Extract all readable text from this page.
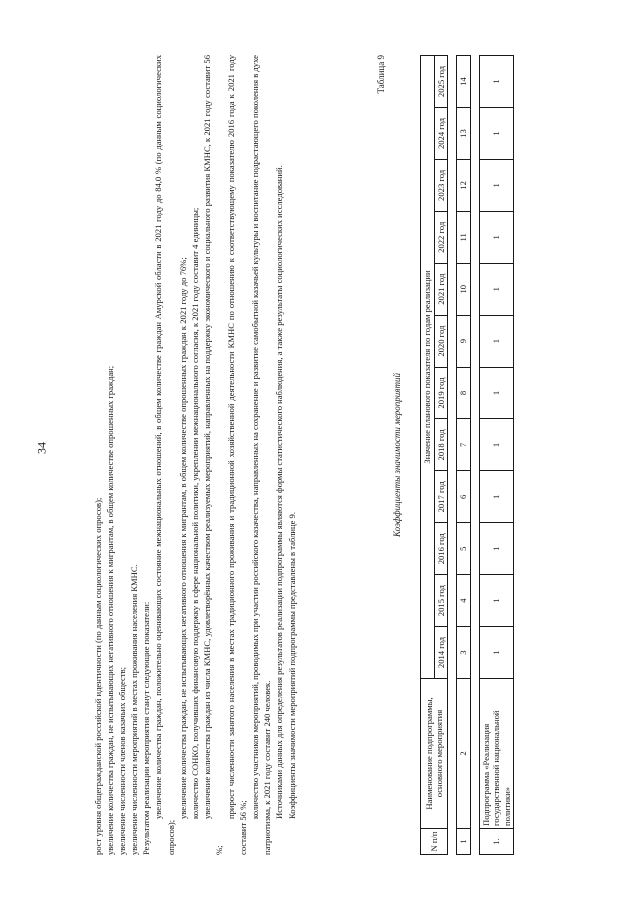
34

рост уровня общегражданской российской идентичности (по данным социологических опросов); увеличение количества граждан, не испытывающих негативного отношения к мигрантам, в общем количестве опрошенных граждан; увеличение численности членов казачьих обществ; увеличение численности мероприятий в местах проживания населения КМНС. Результатом реализации мероприятия станут следующие показатели: увеличение количества граждан, положительно оценивающих состояние межнациональных отношений, в общем количестве граждан Амурской области в 2021 году до 84,0 % (по данным социологических опросов);

увеличение количества граждан, не испытывающих негативного отношения к мигрантам, в общем количестве опрошенных граждан к 2021 году до 76%; количество СОНКО, получивших финансовую поддержку в сфере национальной политики, укреплении межнационального согласия, к 2021 году составит 4 единицы; увеличение количества граждан из числа КМНС, удовлетворённых качеством реализуемых мероприятий, направленных на поддержку экономического и социального развития КМНС, к 2021 году составит 56 %;

прирост численности занятого населения в местах традиционного проживания и традиционной хозяйственной деятельности КМНС по отношению к соответствующему показателю 2016 года к 2021 году составит 56 %;

количество участников мероприятий, проводимых при участии российского казачества, направленных на сохранение и развитие самобытной казачьей культуры и воспитание подрастающего поколения в духе патриотизма, к 2021 году составит 240 человек. Источниками данных для определения результатов реализации подпрограммы являются формы статистического наблюдения, а также результаты социологических исследований. Коэффициенты значимости мероприятий подпрограммы представлены в таблице 9.

Таблица 9
Коэффициенты значимости мероприятий
N п/п	Наименование подпрограммы, основного мероприятия	Значение планового показателя по годам реализации											
		2014 год	2015 год	2016 год	2017 год	2018 год	2019 год	2020 год	2021 год	2022 год	2023 год	2024 год	2025 год

1	2	3	4	5	6	7	8	9	10	11	12	13	14

1.	Подпрограмма «Реализация государственной национальной политики»	1	1	1	1	1	1	1	1	1	1	1	1
